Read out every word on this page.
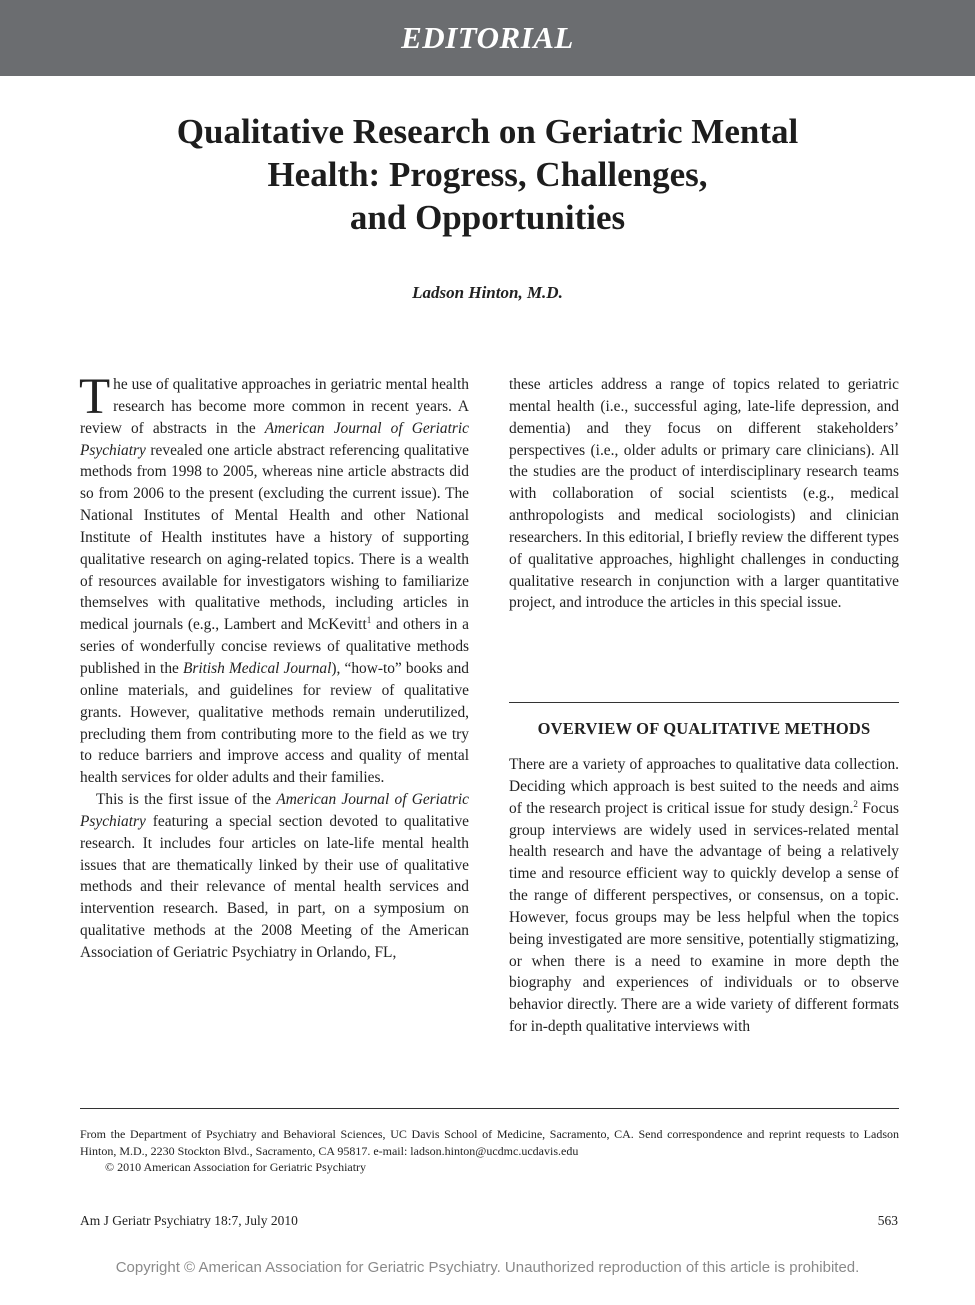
EDITORIAL
Qualitative Research on Geriatric Mental
Health: Progress, Challenges,
and Opportunities
Ladson Hinton, M.D.

The use of qualitative approaches in geriatric mental health research has become more common in recent years. A review of abstracts in the American Journal of Geriatric Psychiatry revealed one article abstract referencing qualitative methods from 1998 to 2005, whereas nine article abstracts did so from 2006 to the present (excluding the current issue). The National Institutes of Mental Health and other National Institute of Health institutes have a history of supporting qualitative research on aging-related topics. There is a wealth of resources available for investigators wishing to familiarize themselves with qualitative methods, including articles in medical journals (e.g., Lambert and McKevitt$^1$ and others in a series of wonderfully concise reviews of qualitative methods published in the British Medical Journal), “how-to” books and online materials, and guidelines for review of qualitative grants. However, qualitative methods remain underutilized, precluding them from contributing more to the field as we try to reduce barriers and improve access and quality of mental health services for older adults and their families.

This is the first issue of the American Journal of Geriatric Psychiatry featuring a special section devoted to qualitative research. It includes four articles on late-life mental health issues that are thematically linked by their use of qualitative methods and their relevance of mental health services and intervention research. Based, in part, on a symposium on qualitative methods at the 2008 Meeting of the American Association of Geriatric Psychiatry in Orlando, FL,

these articles address a range of topics related to geriatric mental health (i.e., successful aging, late-life depression, and dementia) and they focus on different stakeholders’ perspectives (i.e., older adults or primary care clinicians). All the studies are the product of interdisciplinary research teams with collaboration of social scientists (e.g., medical anthropologists and medical sociologists) and clinician researchers. In this editorial, I briefly review the different types of qualitative approaches, highlight challenges in conducting qualitative research in conjunction with a larger quantitative project, and introduce the articles in this special issue.

OVERVIEW OF QUALITATIVE METHODS

There are a variety of approaches to qualitative data collection. Deciding which approach is best suited to the needs and aims of the research project is critical issue for study design.$^2$ Focus group interviews are widely used in services-related mental health research and have the advantage of being a relatively time and resource efficient way to quickly develop a sense of the range of different perspectives, or consensus, on a topic. However, focus groups may be less helpful when the topics being investigated are more sensitive, potentially stigmatizing, or when there is a need to examine in more depth the biography and experiences of individuals or to observe behavior directly. There are a wide variety of different formats for in-depth qualitative interviews with

From the Department of Psychiatry and Behavioral Sciences, UC Davis School of Medicine, Sacramento, CA. Send correspondence and reprint requests to Ladson Hinton, M.D., 2230 Stockton Blvd., Sacramento, CA 95817. e-mail: ladson.hinton@ucdmc.ucdavis.edu
© 2010 American Association for Geriatric Psychiatry
Am J Geriatr Psychiatry 18:7, July 2010	563
Copyright © American Association for Geriatric Psychiatry. Unauthorized reproduction of this article is prohibited.
